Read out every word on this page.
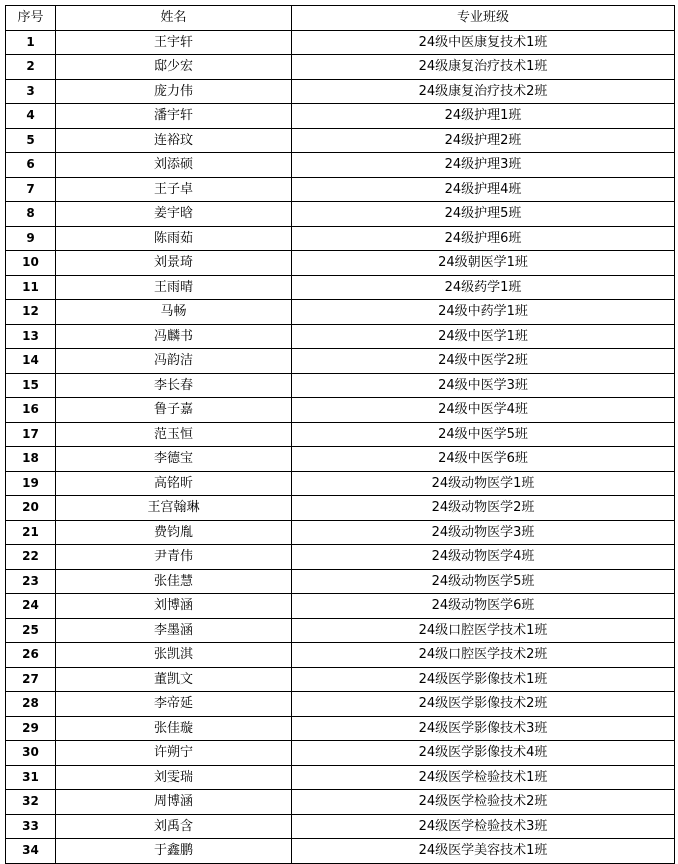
序号	姓名	专业班级
1	王宇轩	24级中医康复技术1班
2	邸少宏	24级康复治疗技术1班
3	庞力伟	24级康复治疗技术2班
4	潘宇轩	24级护理1班
5	连裕玟	24级护理2班
6	刘添硕	24级护理3班
7	王子卓	24级护理4班
8	姜宇晗	24级护理5班
9	陈雨茹	24级护理6班
10	刘景琦	24级朝医学1班
11	王雨晴	24级药学1班
12	马畅	24级中药学1班
13	冯麟书	24级中医学1班
14	冯韵洁	24级中医学2班
15	李长春	24级中医学3班
16	鲁子嘉	24级中医学4班
17	范玉恒	24级中医学5班
18	李德宝	24级中医学6班
19	高铭昕	24级动物医学1班
20	王宫翰琳	24级动物医学2班
21	费钧胤	24级动物医学3班
22	尹青伟	24级动物医学4班
23	张佳慧	24级动物医学5班
24	刘博涵	24级动物医学6班
25	李墨涵	24级口腔医学技术1班
26	张凯淇	24级口腔医学技术2班
27	董凯文	24级医学影像技术1班
28	李帝延	24级医学影像技术2班
29	张佳璇	24级医学影像技术3班
30	许朔宁	24级医学影像技术4班
31	刘雯瑞	24级医学检验技术1班
32	周博涵	24级医学检验技术2班
33	刘禹含	24级医学检验技术3班
34	于鑫鹏	24级医学美容技术1班
